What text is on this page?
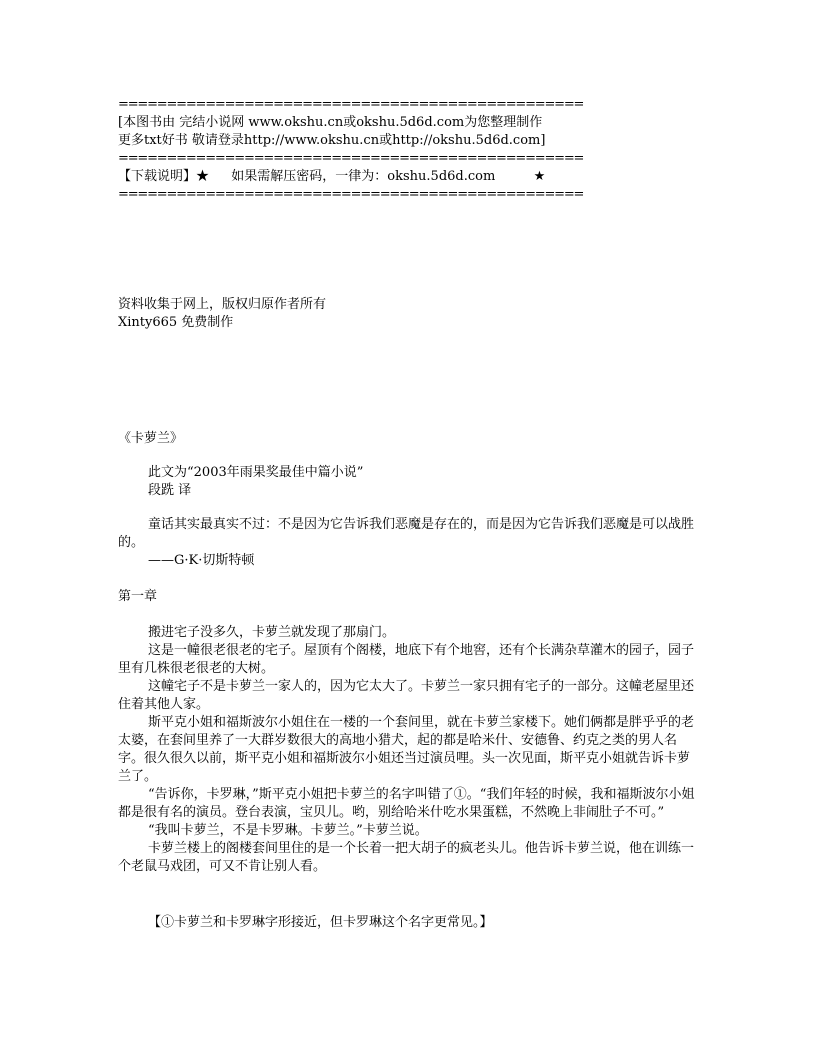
================================================
[本图书由 完结小说网 www.okshu.cn或okshu.5d6d.com为您整理制作
更多txt好书 敬请登录http://www.okshu.cn或http://okshu.5d6d.com]
================================================
【下载说明】★ 如果需解压密码，一律为：okshu.5d6d.com	★
================================================
资料收集于网上，版权归原作者所有
Xinty665 免费制作
《卡萝兰》
此文为“2003年雨果奖最佳中篇小说”
段跣 译
童话其实最真实不过：不是因为它告诉我们恶魔是存在的，而是因为它告诉我们恶魔是可以战胜的。
——G·K·切斯特顿
第一章
搬进宅子没多久，卡萝兰就发现了那扇门。
这是一幢很老很老的宅子。屋顶有个阁楼，地底下有个地窖，还有个长满杂草灌木的园子，园子里有几株很老很老的大树。
这幢宅子不是卡萝兰一家人的，因为它太大了。卡萝兰一家只拥有宅子的一部分。这幢老屋里还住着其他人家。
斯平克小姐和福斯波尔小姐住在一楼的一个套间里，就在卡萝兰家楼下。她们俩都是胖乎乎的老太婆，在套间里养了一大群岁数很大的高地小猎犬，起的都是哈米什、安德鲁、约克之类的男人名字。很久很久以前，斯平克小姐和福斯波尔小姐还当过演员哩。头一次见面，斯平克小姐就告诉卡萝兰了。
“告诉你，卡罗琳，”斯平克小姐把卡萝兰的名字叫错了①。“我们年轻的时候，我和福斯波尔小姐都是很有名的演员。登台表演，宝贝儿。哟，别给哈米什吃水果蛋糕，不然晚上非闹肚子不可。”
“我叫卡萝兰，不是卡罗琳。卡萝兰。”卡萝兰说。
卡萝兰楼上的阁楼套间里住的是一个长着一把大胡子的疯老头儿。他告诉卡萝兰说，他在训练一个老鼠马戏团，可又不肯让别人看。
【①卡萝兰和卡罗琳字形接近，但卡罗琳这个名字更常见。】
